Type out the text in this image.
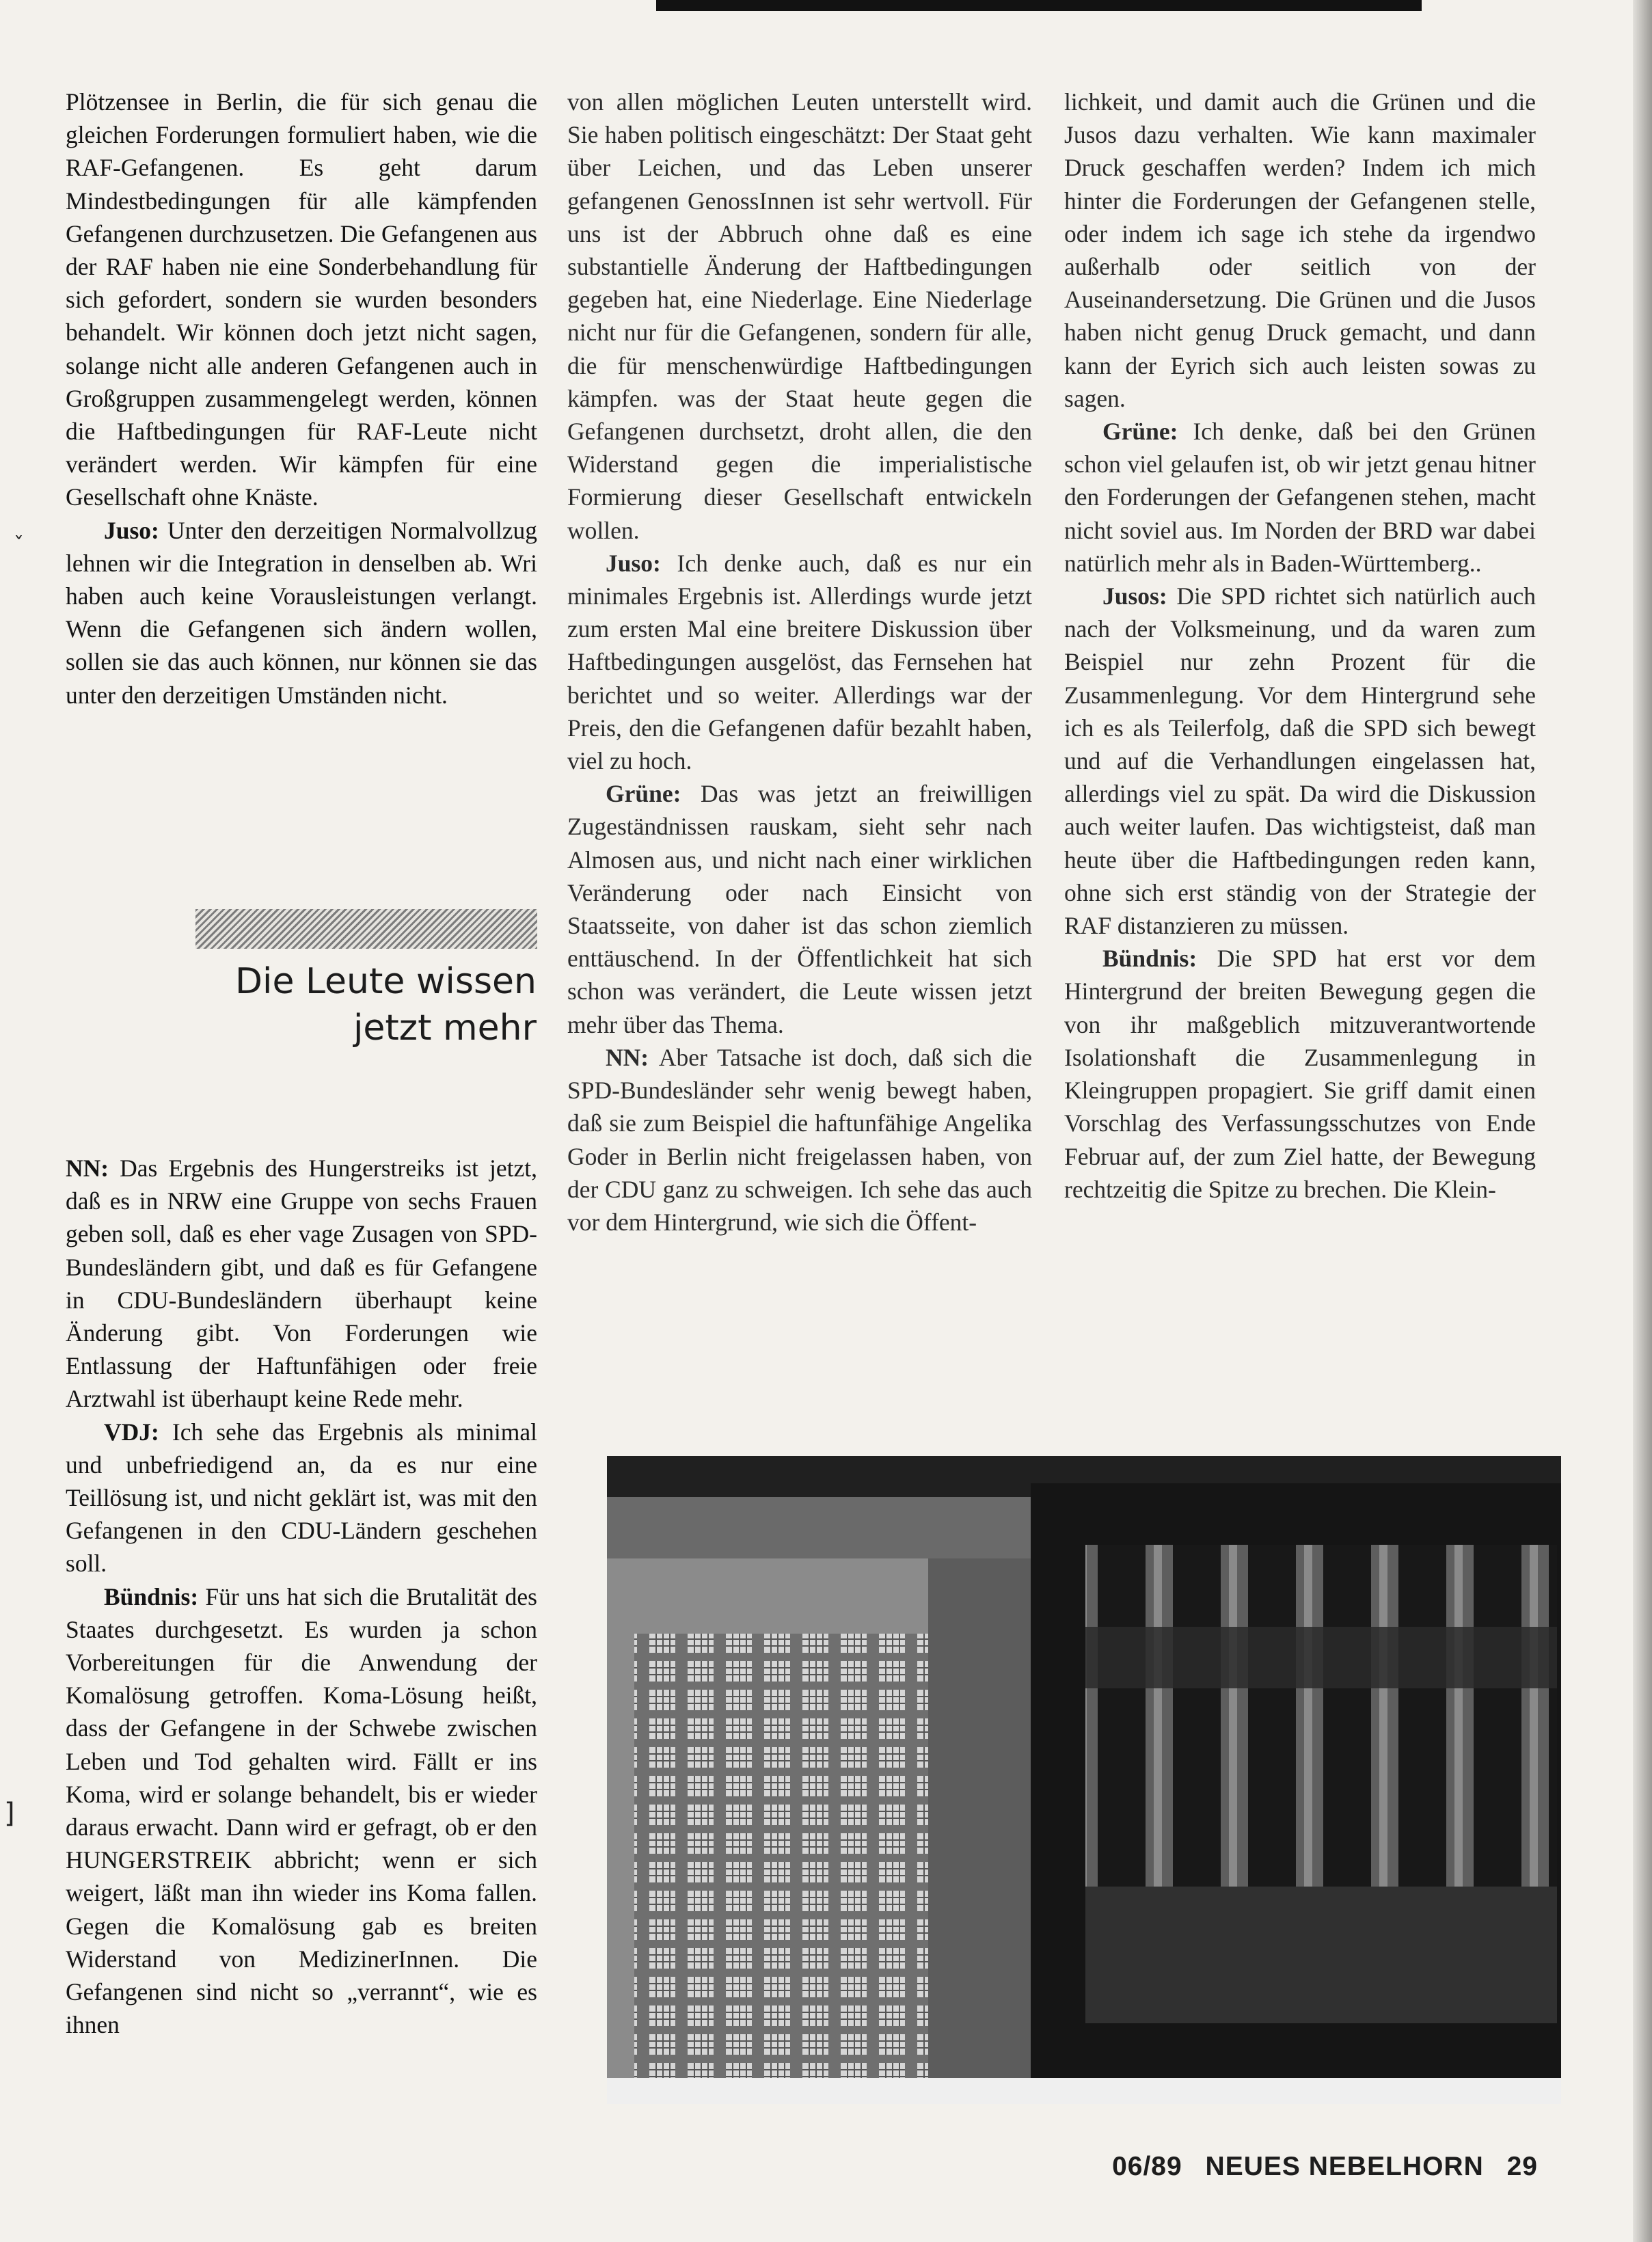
Plötzensee in Berlin, die für sich genau die gleichen Forderungen formuliert haben, wie die RAF-Gefangenen. Es geht darum Mindestbedingungen für alle kämpfenden Gefangenen durchzusetzen. Die Gefangenen aus der RAF haben nie eine Sonderbehandlung für sich gefordert, sondern sie wurden besonders behandelt. Wir können doch jetzt nicht sagen, solange nicht alle anderen Gefangenen auch in Großgruppen zusammengelegt werden, können die Haftbedingungen für RAF-Leute nicht verändert werden. Wir kämpfen für eine Gesellschaft ohne Knäste.

Juso: Unter den derzeitigen Normalvollzug lehnen wir die Integration in denselben ab. Wri haben auch keine Vorausleistungen verlangt. Wenn die Gefangenen sich ändern wollen, sollen sie das auch können, nur können sie das unter den derzeitigen Umständen nicht.

Die Leute wissen jetzt mehr

NN: Das Ergebnis des Hungerstreiks ist jetzt, daß es in NRW eine Gruppe von sechs Frauen geben soll, daß es eher vage Zusagen von SPD-Bundesländern gibt, und daß es für Gefangene in CDU-Bundesländern überhaupt keine Änderung gibt. Von Forderungen wie Entlassung der Haftunfähigen oder freie Arztwahl ist überhaupt keine Rede mehr.

VDJ: Ich sehe das Ergebnis als minimal und unbefriedigend an, da es nur eine Teillösung ist, und nicht geklärt ist, was mit den Gefangenen in den CDU-Ländern geschehen soll.

Bündnis: Für uns hat sich die Brutalität des Staates durchgesetzt. Es wurden ja schon Vorbereitungen für die Anwendung der Komalösung getroffen. Koma-Lösung heißt, dass der Gefangene in der Schwebe zwischen Leben und Tod gehalten wird. Fällt er ins Koma, wird er solange behandelt, bis er wieder daraus erwacht. Dann wird er gefragt, ob er den HUNGERSTREIK abbricht; wenn er sich weigert, läßt man ihn wieder ins Koma fallen. Gegen die Komalösung gab es breiten Widerstand von MedizinerInnen. Die Gefangenen sind nicht so „verrannt“, wie es ihnen

von allen möglichen Leuten unterstellt wird. Sie haben politisch eingeschätzt: Der Staat geht über Leichen, und das Leben unserer gefangenen GenossInnen ist sehr wertvoll. Für uns ist der Abbruch ohne daß es eine substantielle Änderung der Haftbedingungen gegeben hat, eine Niederlage. Eine Niederlage nicht nur für die Gefangenen, sondern für alle, die für menschenwürdige Haftbedingungen kämpfen. was der Staat heute gegen die Gefangenen durchsetzt, droht allen, die den Widerstand gegen die imperialistische Formierung dieser Gesellschaft entwickeln wollen.

Juso: Ich denke auch, daß es nur ein minimales Ergebnis ist. Allerdings wurde jetzt zum ersten Mal eine breitere Diskussion über Haftbedingungen ausgelöst, das Fernsehen hat berichtet und so weiter. Allerdings war der Preis, den die Gefangenen dafür bezahlt haben, viel zu hoch.

Grüne: Das was jetzt an freiwilligen Zugeständnissen rauskam, sieht sehr nach Almosen aus, und nicht nach einer wirklichen Veränderung oder nach Einsicht von Staatsseite, von daher ist das schon ziemlich enttäuschend. In der Öffentlichkeit hat sich schon was verändert, die Leute wissen jetzt mehr über das Thema.

NN: Aber Tatsache ist doch, daß sich die SPD-Bundesländer sehr wenig bewegt haben, daß sie zum Beispiel die haftunfähige Angelika Goder in Berlin nicht freigelassen haben, von der CDU ganz zu schweigen. Ich sehe das auch vor dem Hintergrund, wie sich die Öffent-

lichkeit, und damit auch die Grünen und die Jusos dazu verhalten. Wie kann maximaler Druck geschaffen werden? Indem ich mich hinter die Forderungen der Gefangenen stelle, oder indem ich sage ich stehe da irgendwo außerhalb oder seitlich von der Auseinandersetzung. Die Grünen und die Jusos haben nicht genug Druck gemacht, und dann kann der Eyrich sich auch leisten sowas zu sagen.

Grüne: Ich denke, daß bei den Grünen schon viel gelaufen ist, ob wir jetzt genau hitner den Forderungen der Gefangenen stehen, macht nicht soviel aus. Im Norden der BRD war dabei natürlich mehr als in Baden-Württemberg..

Jusos: Die SPD richtet sich natürlich auch nach der Volksmeinung, und da waren zum Beispiel nur zehn Prozent für die Zusammenlegung. Vor dem Hintergrund sehe ich es als Teilerfolg, daß die SPD sich bewegt und auf die Verhandlungen eingelassen hat, allerdings viel zu spät. Da wird die Diskussion auch weiter laufen. Das wichtigsteist, daß man heute über die Haftbedingungen reden kann, ohne sich erst ständig von der Strategie der RAF distanzieren zu müssen.

Bündnis: Die SPD hat erst vor dem Hintergrund der breiten Bewegung gegen die von ihr maßgeblich mitzuverantwortende Isolationshaft die Zusammenlegung in Kleingruppen propagiert. Sie griff damit einen Vorschlag des Verfassungsschutzes von Ende Februar auf, der zum Ziel hatte, der Bewegung rechtzeitig die Spitze zu brechen. Die Klein-

ˇ
]
06/89 NEUES NEBELHORN 29
